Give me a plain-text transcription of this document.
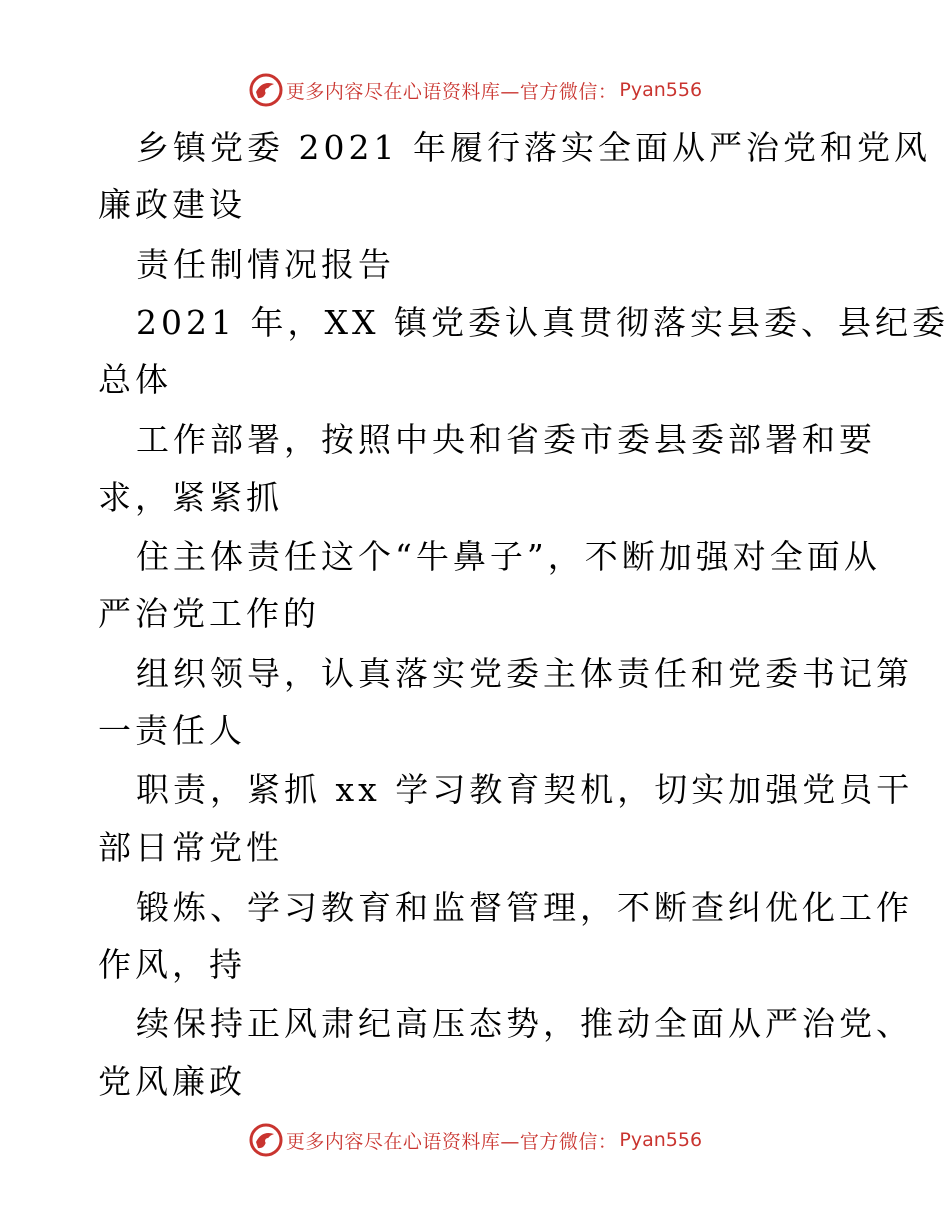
更多内容尽在心语资料库—官方微信： Pyan556
乡镇党委 2021 年履行落实全面从严治党和党风
廉政建设
责任制情况报告
2021 年，XX 镇党委认真贯彻落实县委、县纪委
总体
工作部署，按照中央和省委市委县委部署和要
求，紧紧抓
住主体责任这个“牛鼻子”，不断加强对全面从
严治党工作的
组织领导，认真落实党委主体责任和党委书记第
一责任人
职责，紧抓 xx 学习教育契机，切实加强党员干
部日常党性
锻炼、学习教育和监督管理，不断查纠优化工作
作风，持
续保持正风肃纪高压态势，推动全面从严治党、
党风廉政
更多内容尽在心语资料库—官方微信： Pyan556
